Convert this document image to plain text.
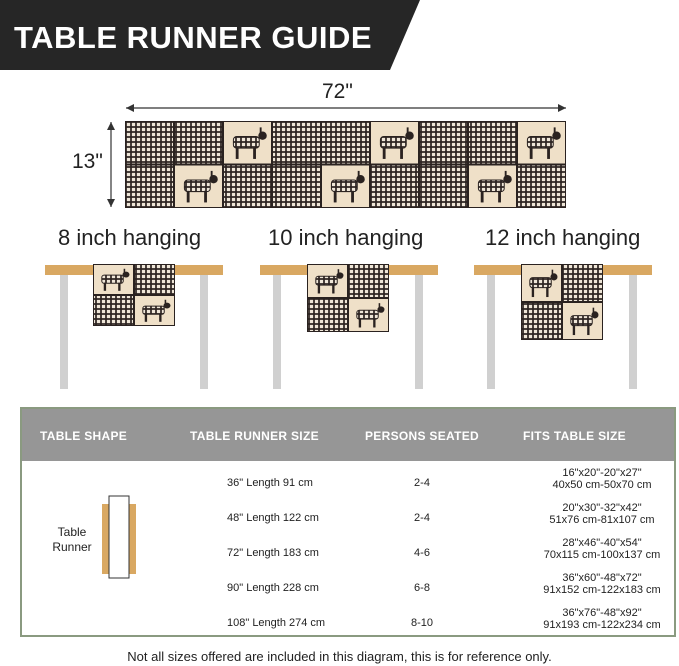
TABLE RUNNER GUIDE
72"
13"
8 inch hanging	10 inch hanging	12 inch hanging
TABLE SHAPE	TABLE RUNNER SIZE	PERSONS SEATED	FITS TABLE SIZE
Table Runner
36" Length 91 cm	2-4
16"x20"-20"x27"
40x50 cm-50x70 cm
48" Length 122 cm	2-4
20"x30"-32"x42"
51x76 cm-81x107 cm
72" Length 183 cm	4-6
28"x46"-40"x54"
70x115 cm-100x137 cm
90" Length 228 cm	6-8
36"x60"-48"x72"
91x152 cm-122x183 cm
108" Length 274 cm	8-10
36"x76"-48"x92"
91x193 cm-122x234 cm
Not all sizes offered are included in this diagram, this is for reference only.
